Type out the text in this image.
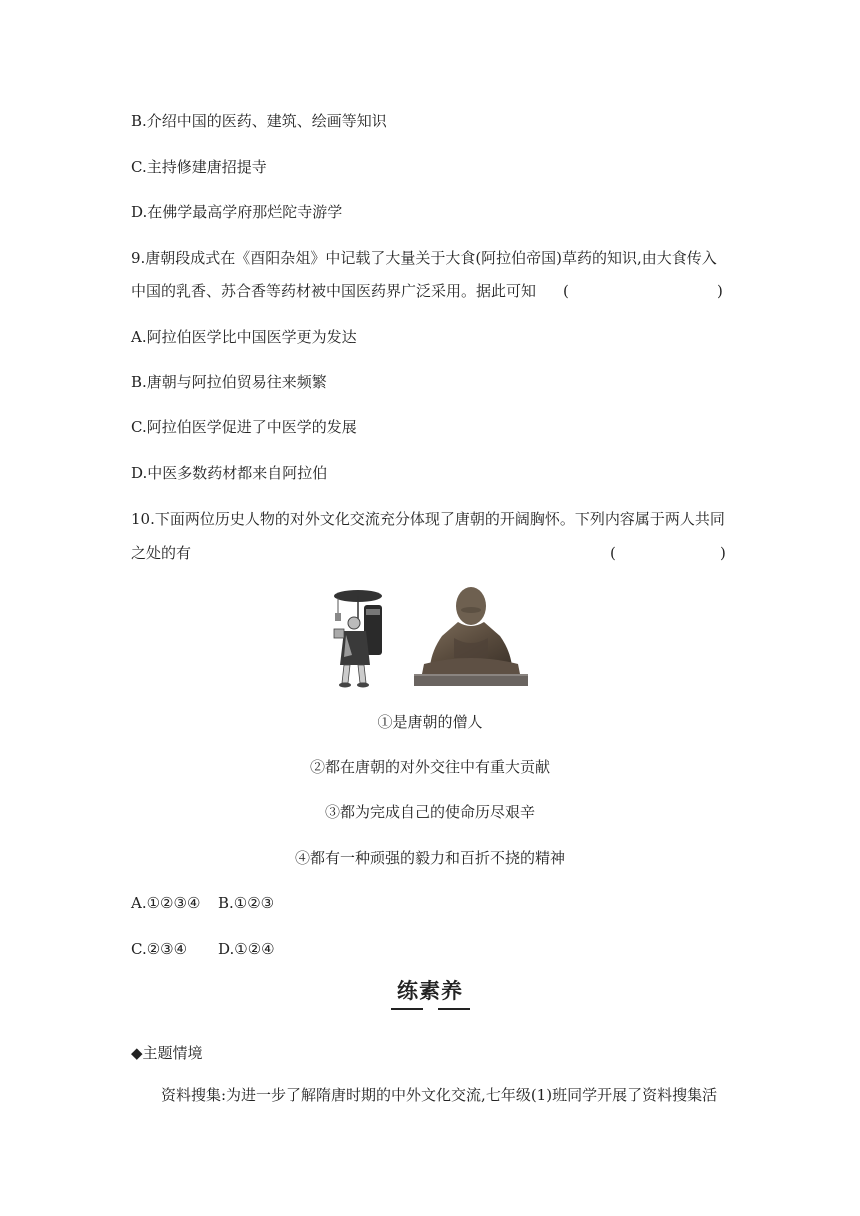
B.介绍中国的医药、建筑、绘画等知识
C.主持修建唐招提寺
D.在佛学最高学府那烂陀寺游学
9.唐朝段成式在《酉阳杂俎》中记载了大量关于大食(阿拉伯帝国)草药的知识,由大食传入
中国的乳香、苏合香等药材被中国医药界广泛采用。据此可知 (	)
A.阿拉伯医学比中国医学更为发达
B.唐朝与阿拉伯贸易往来频繁
C.阿拉伯医学促进了中医学的发展
D.中医多数药材都来自阿拉伯
10.下面两位历史人物的对外文化交流充分体现了唐朝的开阔胸怀。下列内容属于两人共同
之处的有	(	)
①是唐朝的僧人
②都在唐朝的对外交往中有重大贡献
③都为完成自己的使命历尽艰辛
④都有一种顽强的毅力和百折不挠的精神
A.①②③④ B.①②③
C.②③④ D.①②④
练素养
◆主题情境
资料搜集:为进一步了解隋唐时期的中外文化交流,七年级(1)班同学开展了资料搜集活
